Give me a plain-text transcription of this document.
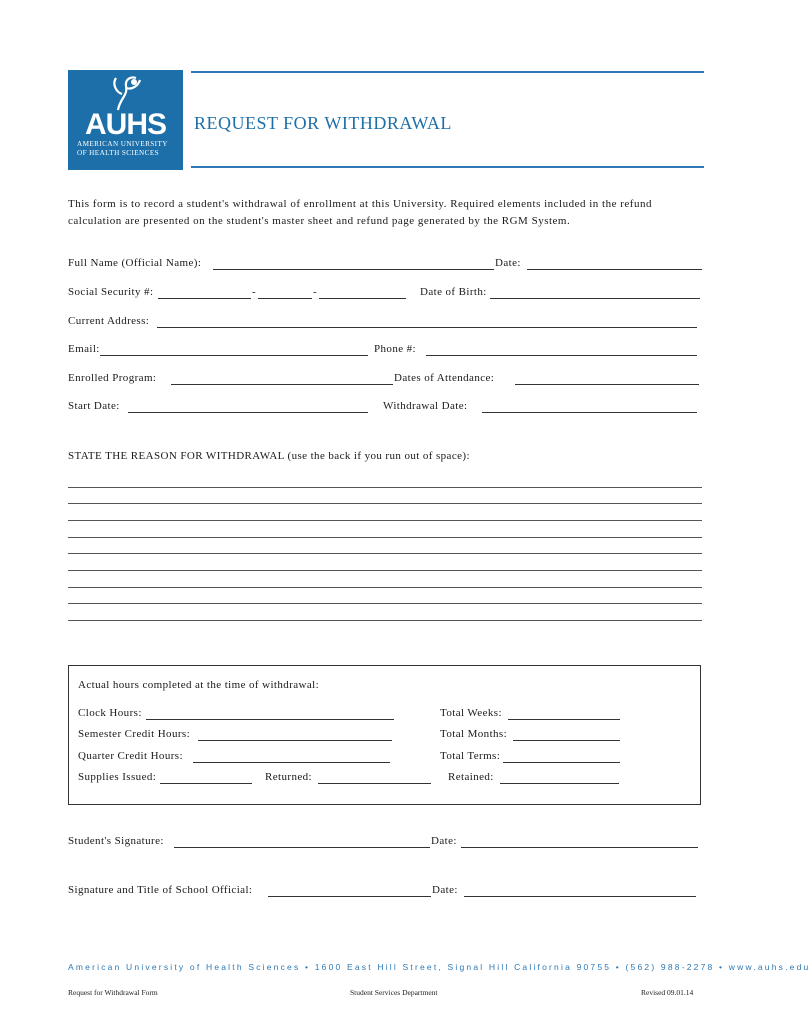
AUHS
AMERICAN UNIVERSITY
OF HEALTH SCIENCES
REQUEST FOR WITHDRAWAL
This form is to record a student's withdrawal of enrollment at this University. Required elements included in the refund calculation are presented on the student's master sheet and refund page generated by the RGM System.
Full Name (Official Name):	Date:
Social Security #:	-	-	Date of Birth:
Current Address:
Email:	Phone #:
Enrolled Program:	Dates of Attendance:
Start Date:	Withdrawal Date:
STATE THE REASON FOR WITHDRAWAL (use the back if you run out of space):
Actual hours completed at the time of withdrawal:
Clock Hours:	Total Weeks:
Semester Credit Hours:	Total Months:
Quarter Credit Hours:	Total Terms:
Supplies Issued:	Returned:	Retained:
Student's Signature:	Date:
Signature and Title of School Official:	Date:
American University of Health Sciences • 1600 East Hill Street, Signal Hill California 90755 • (562) 988-2278 • www.auhs.edu
Request for Withdrawal Form	Student Services Department	Revised 09.01.14
